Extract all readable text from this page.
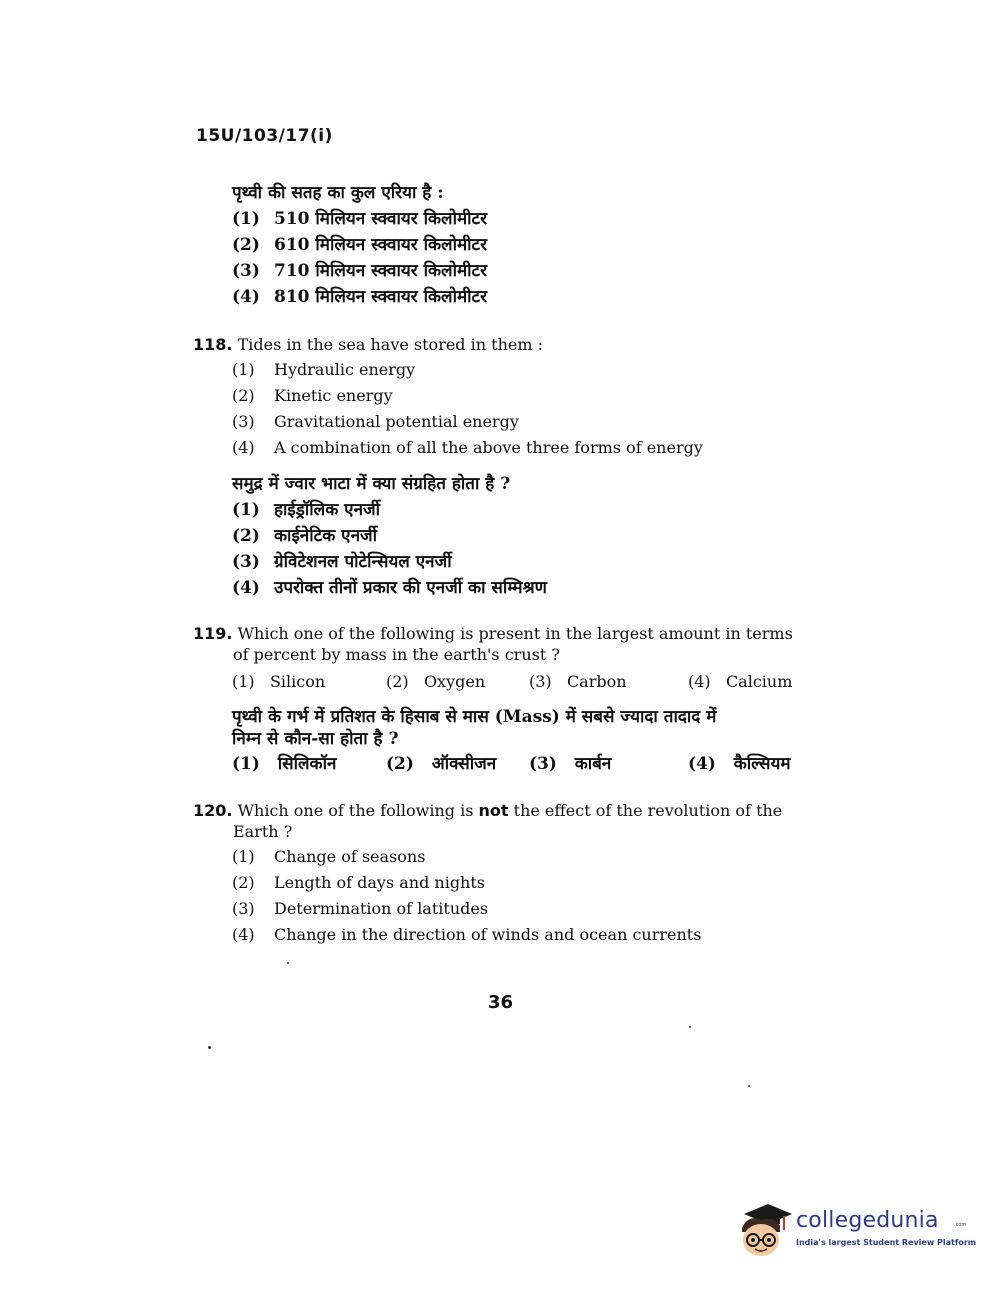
15U/103/17(i)
पृथ्वी की सतह का कुल एरिया है :
(1) 510 मिलियन स्क्वायर किलोमीटर
(2) 610 मिलियन स्क्वायर किलोमीटर
(3) 710 मिलियन स्क्वायर किलोमीटर
(4) 810 मिलियन स्क्वायर किलोमीटर
118. Tides in the sea have stored in them :
(1)	Hydraulic energy
(2)	Kinetic energy
(3)	Gravitational potential energy
(4)	A combination of all the above three forms of energy
समुद्र में ज्वार भाटा में क्या संग्रहित होता है ?
(1) हाईड्रॉलिक एनर्जी
(2) काईनेटिक एनर्जी
(3) ग्रेविटेशनल पोटेन्सियल एनर्जी
(4) उपरोक्त तीनों प्रकार की एनर्जी का सम्मिश्रण
119. Which one of the following is present in the largest amount in terms
of percent by mass in the earth's crust ?
(1) Silicon	(2) Oxygen	(3) Carbon	(4) Calcium
पृथ्वी के गर्भ में प्रतिशत के हिसाब से मास (Mass) में सबसे ज्यादा तादाद में
निम्न से कौन-सा होता है ?
(1) सिलिकॉन	(2) ऑक्सीजन (3) कार्बन	(4) कैल्सियम
120. Which one of the following is not the effect of the revolution of the
Earth ?
(1)	Change of seasons
(2)	Length of days and nights
(3)	Determination of latitudes
(4)	Change in the direction of winds and ocean currents
36
collegedunia	.com
India's largest Student Review Platform
